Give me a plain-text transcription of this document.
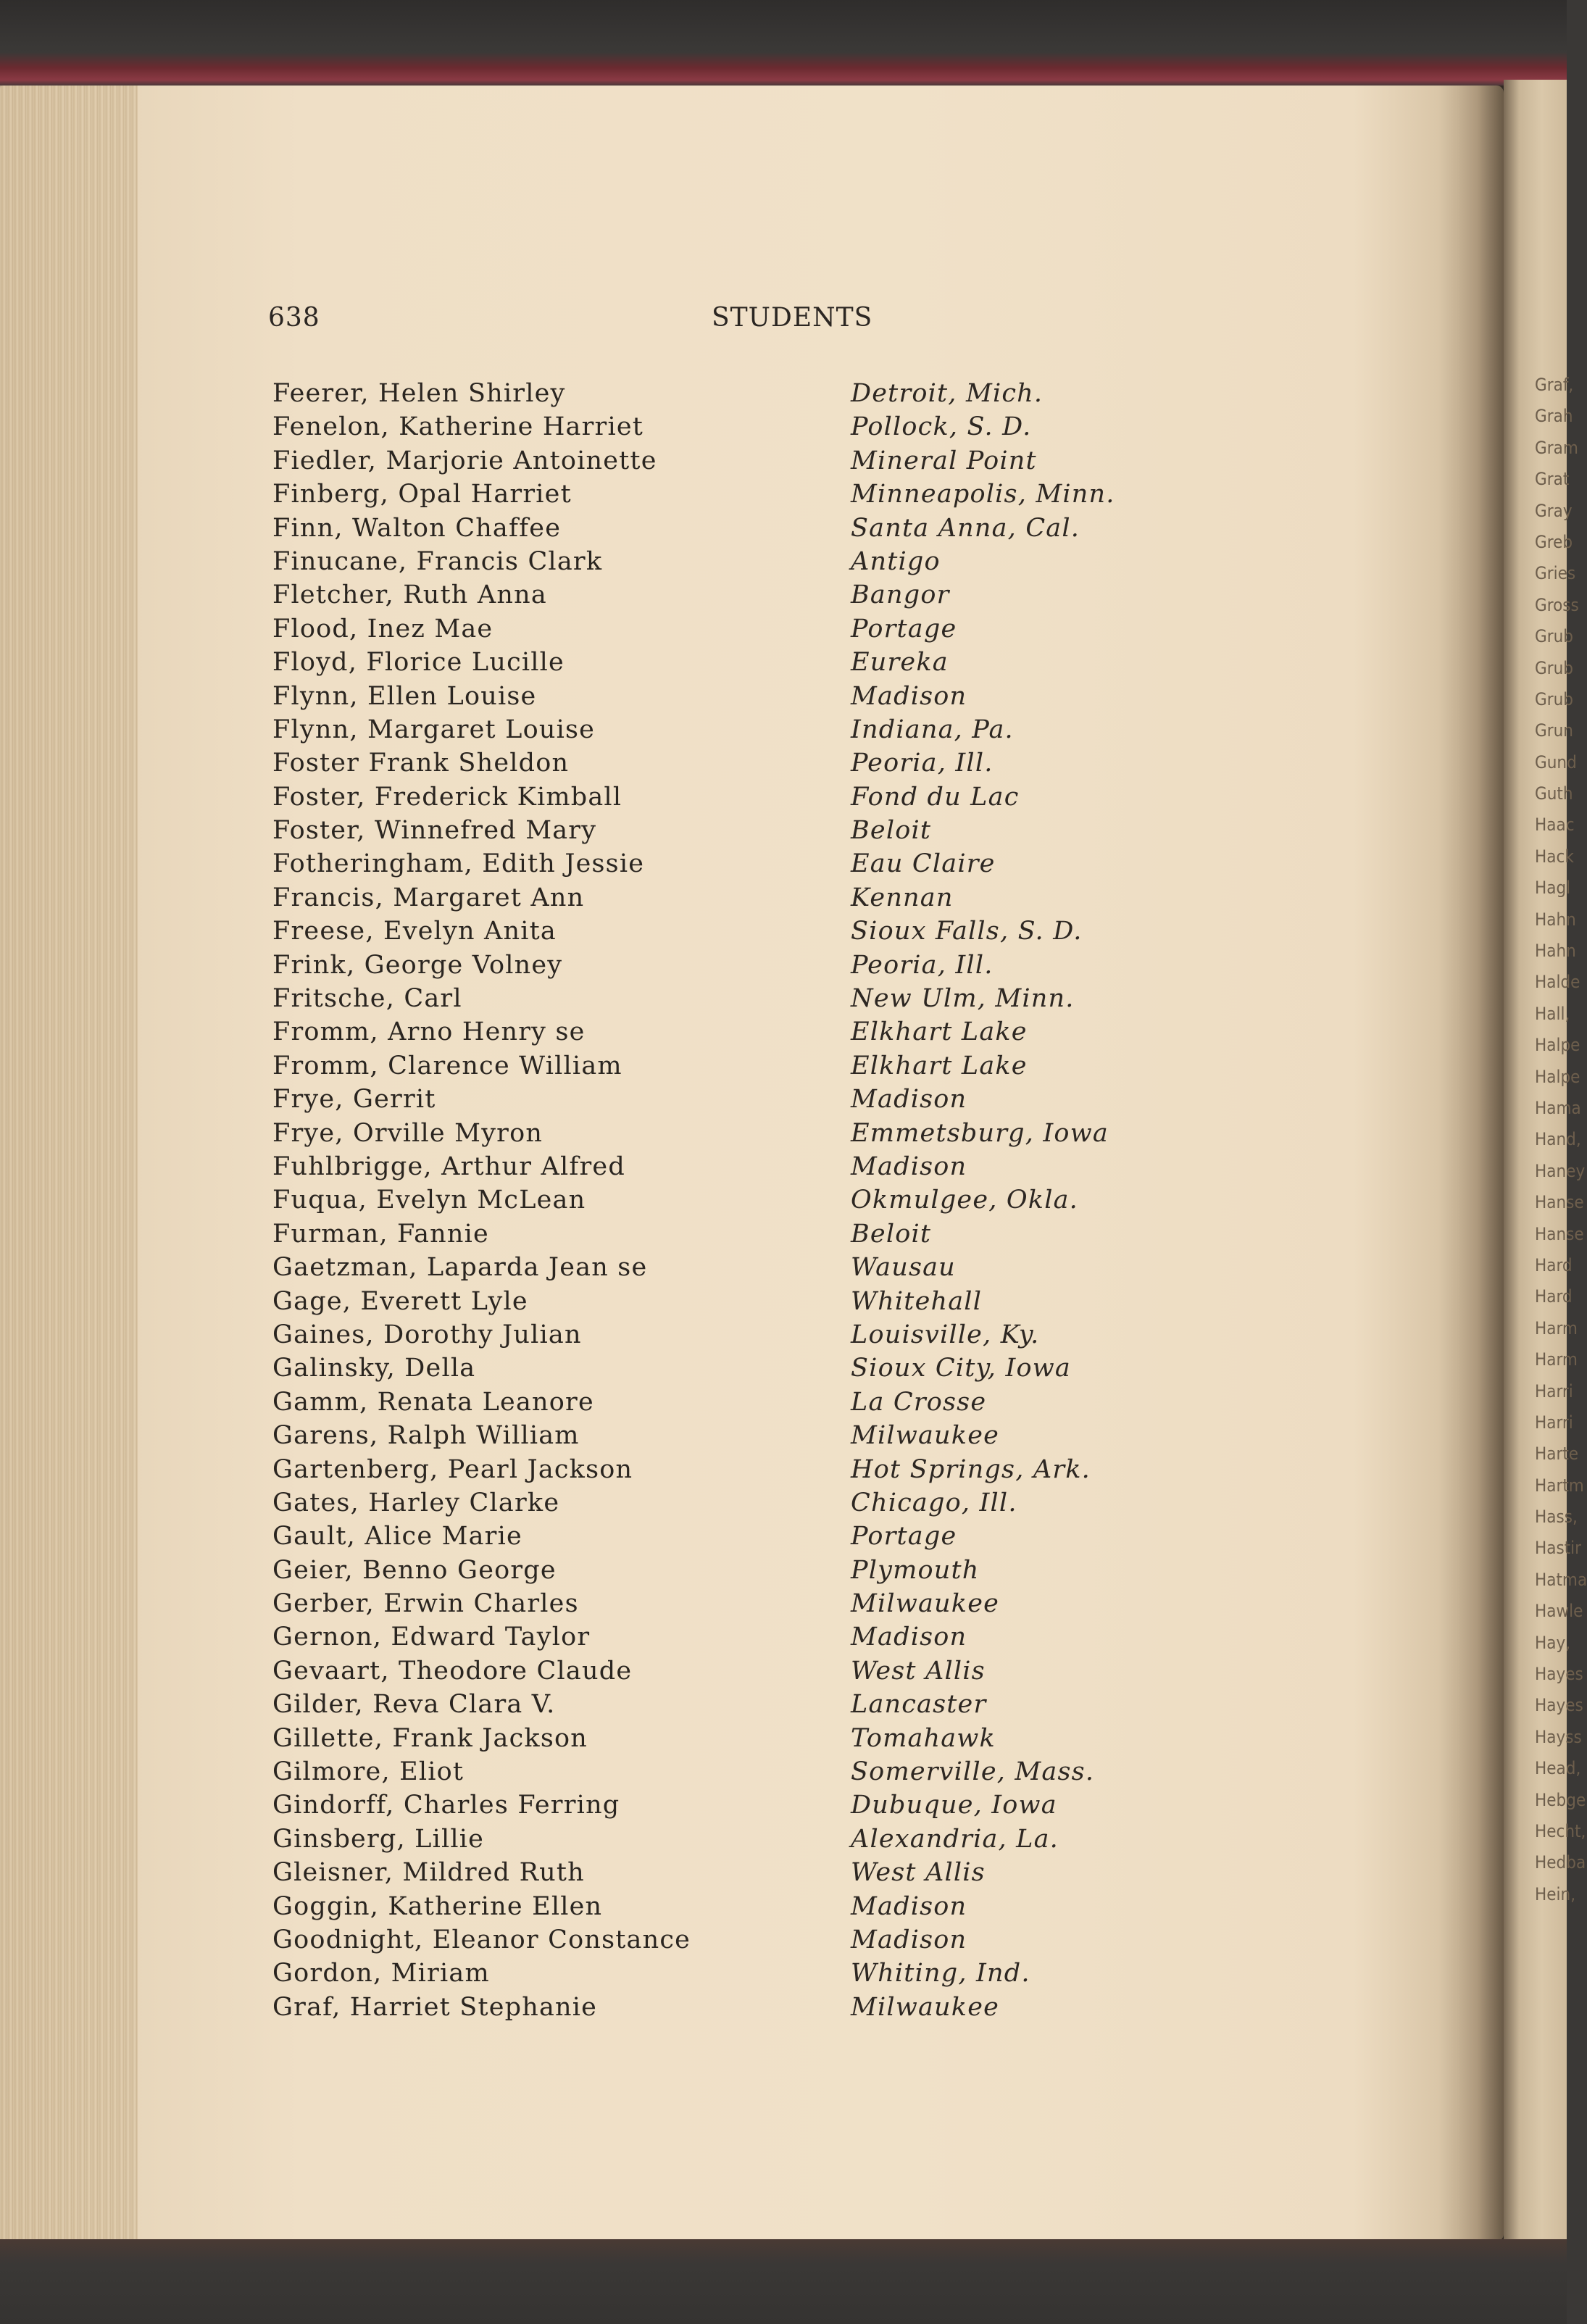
Graf,
Grah
Gram
Grat
Gray
Greb
Gries
Gross
Grub
Grub
Grub
Grun
Gund
Guth
Haac
Hack
Hagl
Hahn
Hahn
Halde
Hall,
Halpe
Halpe
Hama
Hand,
Haney
Hanse
Hanse
Hard
Hard
Harm
Harm
Harri
Harri
Harte
Hartm
Hass,
Hastir
Hatma
Hawle
Hay,
Hayes
Hayes
Hayss
Head,
Hebge
Hecht,
Hedba
Hein,
638	STUDENTS
Feerer, Helen Shirley	Detroit, Mich.
Fenelon, Katherine Harriet	Pollock, S. D.
Fiedler, Marjorie Antoinette	Mineral Point
Finberg, Opal Harriet	Minneapolis, Minn.
Finn, Walton Chaffee	Santa Anna, Cal.
Finucane, Francis Clark	Antigo
Fletcher, Ruth Anna	Bangor
Flood, Inez Mae	Portage
Floyd, Florice Lucille	Eureka
Flynn, Ellen Louise	Madison
Flynn, Margaret Louise	Indiana, Pa.
Foster Frank Sheldon	Peoria, Ill.
Foster, Frederick Kimball	Fond du Lac
Foster, Winnefred Mary	Beloit
Fotheringham, Edith Jessie	Eau Claire
Francis, Margaret Ann	Kennan
Freese, Evelyn Anita	Sioux Falls, S. D.
Frink, George Volney	Peoria, Ill.
Fritsche, Carl	New Ulm, Minn.
Fromm, Arno Henry se	Elkhart Lake
Fromm, Clarence William	Elkhart Lake
Frye, Gerrit	Madison
Frye, Orville Myron	Emmetsburg, Iowa
Fuhlbrigge, Arthur Alfred	Madison
Fuqua, Evelyn McLean	Okmulgee, Okla.
Furman, Fannie	Beloit
Gaetzman, Laparda Jean se	Wausau
Gage, Everett Lyle	Whitehall
Gaines, Dorothy Julian	Louisville, Ky.
Galinsky, Della	Sioux City, Iowa
Gamm, Renata Leanore	La Crosse
Garens, Ralph William	Milwaukee
Gartenberg, Pearl Jackson	Hot Springs, Ark.
Gates, Harley Clarke	Chicago, Ill.
Gault, Alice Marie	Portage
Geier, Benno George	Plymouth
Gerber, Erwin Charles	Milwaukee
Gernon, Edward Taylor	Madison
Gevaart, Theodore Claude	West Allis
Gilder, Reva Clara V.	Lancaster
Gillette, Frank Jackson	Tomahawk
Gilmore, Eliot	Somerville, Mass.
Gindorff, Charles Ferring	Dubuque, Iowa
Ginsberg, Lillie	Alexandria, La.
Gleisner, Mildred Ruth	West Allis
Goggin, Katherine Ellen	Madison
Goodnight, Eleanor Constance	Madison
Gordon, Miriam	Whiting, Ind.
Graf, Harriet Stephanie	Milwaukee
